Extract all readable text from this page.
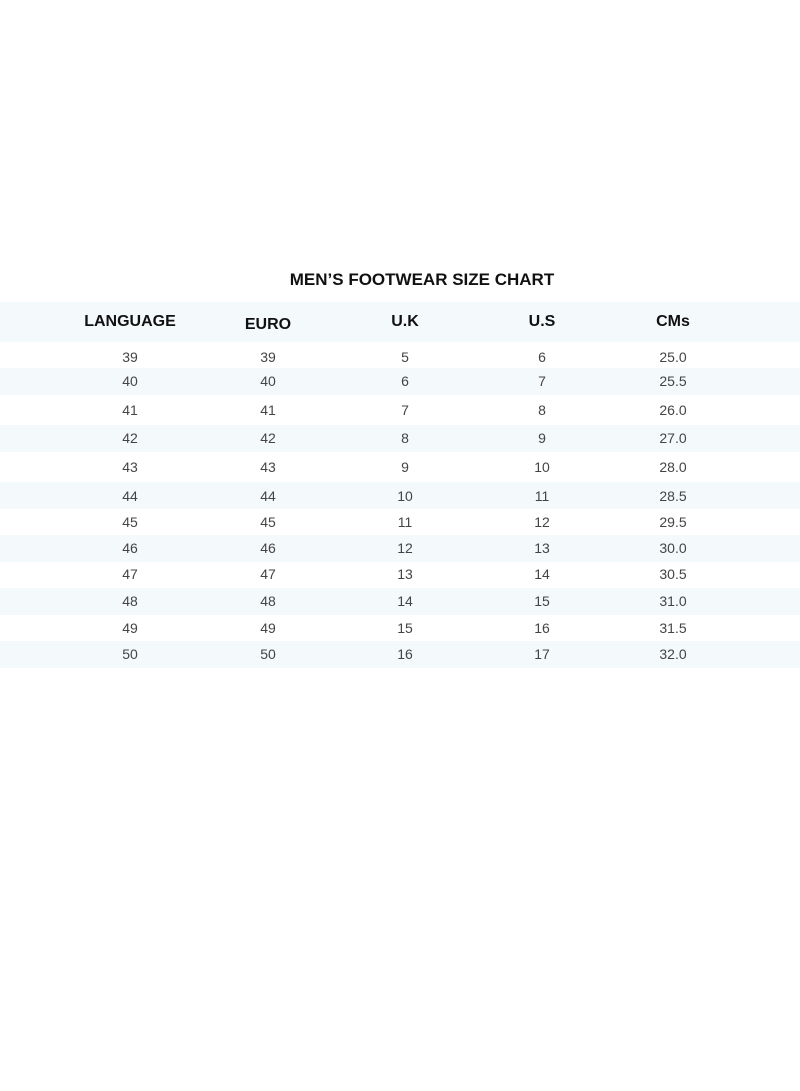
MEN’S FOOTWEAR SIZE CHART
LANGUAGE	EURO	U.K	U.S	CMs
39	39	5	6	25.0
40	40	6	7	25.5
41	41	7	8	26.0
42	42	8	9	27.0
43	43	9	10	28.0
44	44	10	11	28.5
45	45	11	12	29.5
46	46	12	13	30.0
47	47	13	14	30.5
48	48	14	15	31.0
49	49	15	16	31.5
50	50	16	17	32.0
